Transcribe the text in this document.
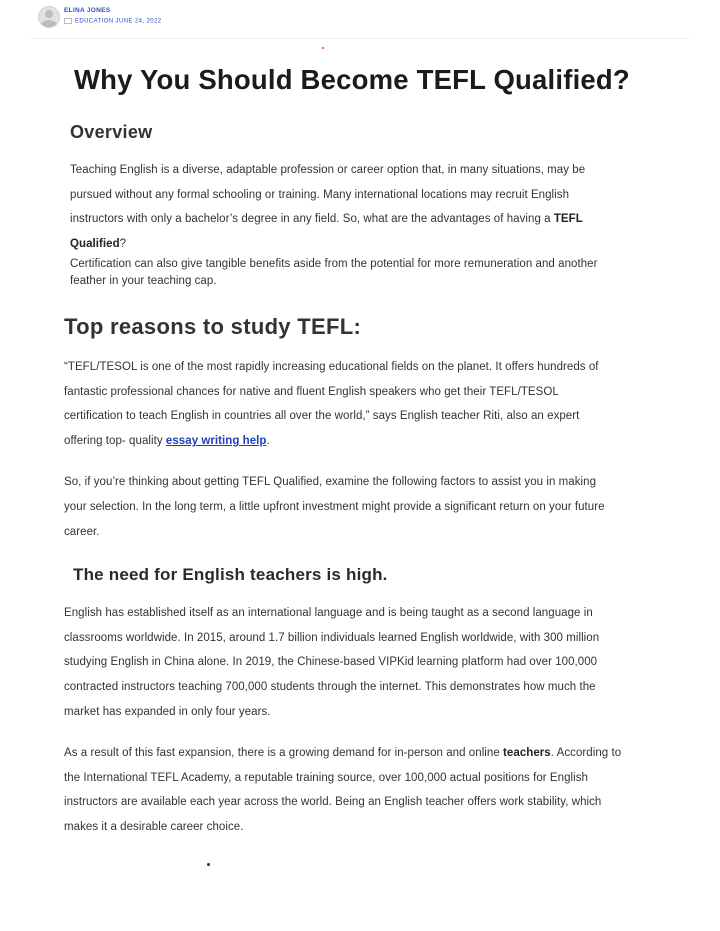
ELINA JONES
EDUCATION JUNE 24, 2022
Why You Should Become TEFL Qualified?
Overview

Teaching English is a diverse, adaptable profession or career option that, in many situations, may be

pursued without any formal schooling or training. Many international locations may recruit English

instructors with only a bachelor’s degree in any field. So, what are the advantages of having a TEFL

Qualified?

Certification can also give tangible benefits aside from the potential for more remuneration and another

feather in your teaching cap.

Top reasons to study TEFL:

“TEFL/TESOL is one of the most rapidly increasing educational fields on the planet. It offers hundreds of

fantastic professional chances for native and fluent English speakers who get their TEFL/TESOL

certification to teach English in countries all over the world,” says English teacher Riti, also an expert

offering top- quality essay writing help.

So, if you’re thinking about getting TEFL Qualified, examine the following factors to assist you in making

your selection. In the long term, a little upfront investment might provide a significant return on your future

career.

The need for English teachers is high.

English has established itself as an international language and is being taught as a second language in

classrooms worldwide. In 2015, around 1.7 billion individuals learned English worldwide, with 300 million

studying English in China alone. In 2019, the Chinese-based VIPKid learning platform had over 100,000

contracted instructors teaching 700,000 students through the internet. This demonstrates how much the

market has expanded in only four years.

As a result of this fast expansion, there is a growing demand for in-person and online teachers. According to

the International TEFL Academy, a reputable training source, over 100,000 actual positions for English

instructors are available each year across the world. Being an English teacher offers work stability, which

makes it a desirable career choice.
